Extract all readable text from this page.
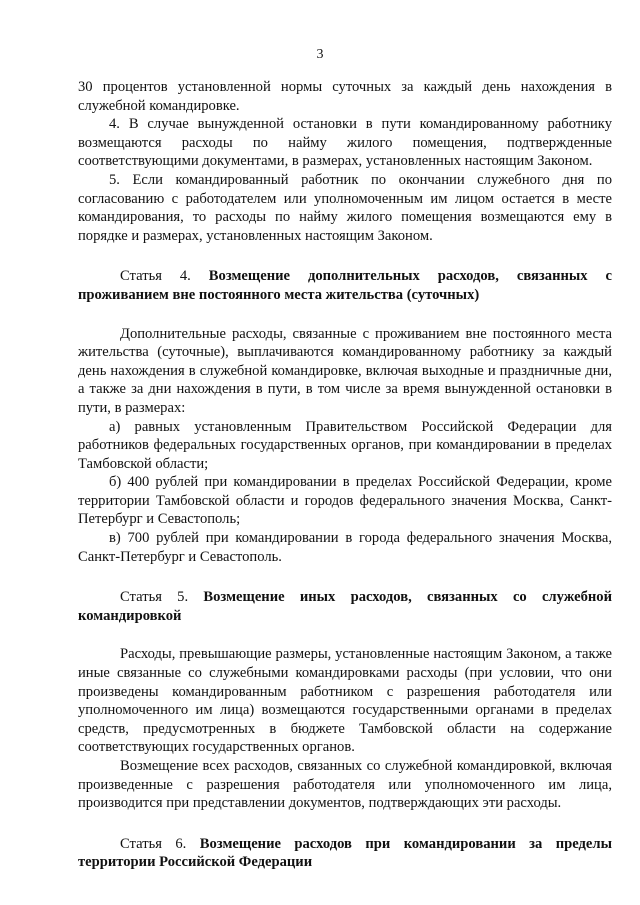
3

30 процентов установленной нормы суточных за каждый день нахождения в служебной командировке.

4. В случае вынужденной остановки в пути командированному работнику возмещаются расходы по найму жилого помещения, подтвержденные соответствующими документами, в размерах, установленных настоящим Законом.

5. Если командированный работник по окончании служебного дня по согласованию с работодателем или уполномоченным им лицом остается в месте командирования, то расходы по найму жилого помещения возмещаются ему в порядке и размерах, установленных настоящим Законом.

Статья 4. Возмещение дополнительных расходов, связанных с проживанием вне постоянного места жительства (суточных)

Дополнительные расходы, связанные с проживанием вне постоянного места жительства (суточные), выплачиваются командированному работнику за каждый день нахождения в служебной командировке, включая выходные и праздничные дни, а также за дни нахождения в пути, в том числе за время вынужденной остановки в пути, в размерах:

а) равных установленным Правительством Российской Федерации для работников федеральных государственных органов, при командировании в пределах Тамбовской области;

б) 400 рублей при командировании в пределах Российской Федерации, кроме территории Тамбовской области и городов федерального значения Москва, Санкт-Петербург и Севастополь;

в) 700 рублей при командировании в города федерального значения Москва, Санкт-Петербург и Севастополь.

Статья 5. Возмещение иных расходов, связанных со служебной командировкой

Расходы, превышающие размеры, установленные настоящим Законом, а также иные связанные со служебными командировками расходы (при условии, что они произведены командированным работником с разрешения работодателя или уполномоченного им лица) возмещаются государственными органами в пределах средств, предусмотренных в бюджете Тамбовской области на содержание соответствующих государственных органов.

Возмещение всех расходов, связанных со служебной командировкой, включая произведенные с разрешения работодателя или уполномоченного им лица, производится при представлении документов, подтверждающих эти расходы.

Статья 6. Возмещение расходов при командировании за пределы территории Российской Федерации
